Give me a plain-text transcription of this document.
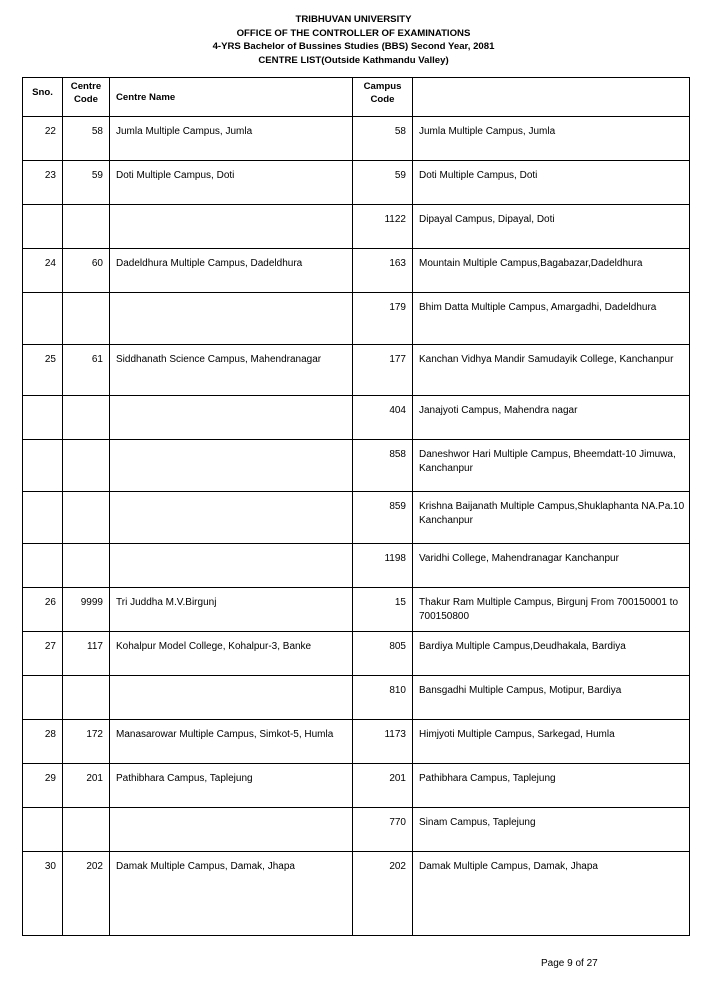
TRIBHUVAN UNIVERSITY
OFFICE OF THE CONTROLLER OF EXAMINATIONS
4-YRS Bachelor of Bussines Studies (BBS) Second Year, 2081
CENTRE LIST(Outside Kathmandu Valley)
Sno.	Centre Code	Centre Name	Campus Code	
22	58	Jumla Multiple Campus, Jumla	58	Jumla Multiple Campus, Jumla
23	59	Doti Multiple Campus, Doti	59	Doti Multiple Campus, Doti
			1122	Dipayal Campus, Dipayal, Doti
24	60	Dadeldhura Multiple Campus, Dadeldhura	163	Mountain Multiple Campus,Bagabazar,Dadeldhura
			179	Bhim Datta Multiple Campus, Amargadhi, Dadeldhura
25	61	Siddhanath Science Campus, Mahendranagar	177	Kanchan Vidhya Mandir Samudayik College, Kanchanpur
			404	Janajyoti Campus, Mahendra nagar
			858	Daneshwor Hari Multiple Campus, Bheemdatt-10 Jimuwa, Kanchanpur
			859	Krishna Baijanath Multiple Campus,Shuklaphanta NA.Pa.10 Kanchanpur
			1198	Varidhi College, Mahendranagar Kanchanpur
26	9999	Tri Juddha M.V.Birgunj	15	Thakur Ram Multiple Campus, Birgunj From 700150001 to 700150800
27	117	Kohalpur Model College, Kohalpur-3, Banke	805	Bardiya Multiple Campus,Deudhakala, Bardiya
			810	Bansgadhi Multiple Campus, Motipur, Bardiya
28	172	Manasarowar Multiple Campus, Simkot-5, Humla	1173	Himjyoti Multiple Campus, Sarkegad, Humla
29	201	Pathibhara Campus, Taplejung	201	Pathibhara Campus, Taplejung
			770	Sinam Campus, Taplejung
30	202	Damak Multiple Campus, Damak, Jhapa	202	Damak Multiple Campus, Damak, Jhapa
Page 9 of 27
